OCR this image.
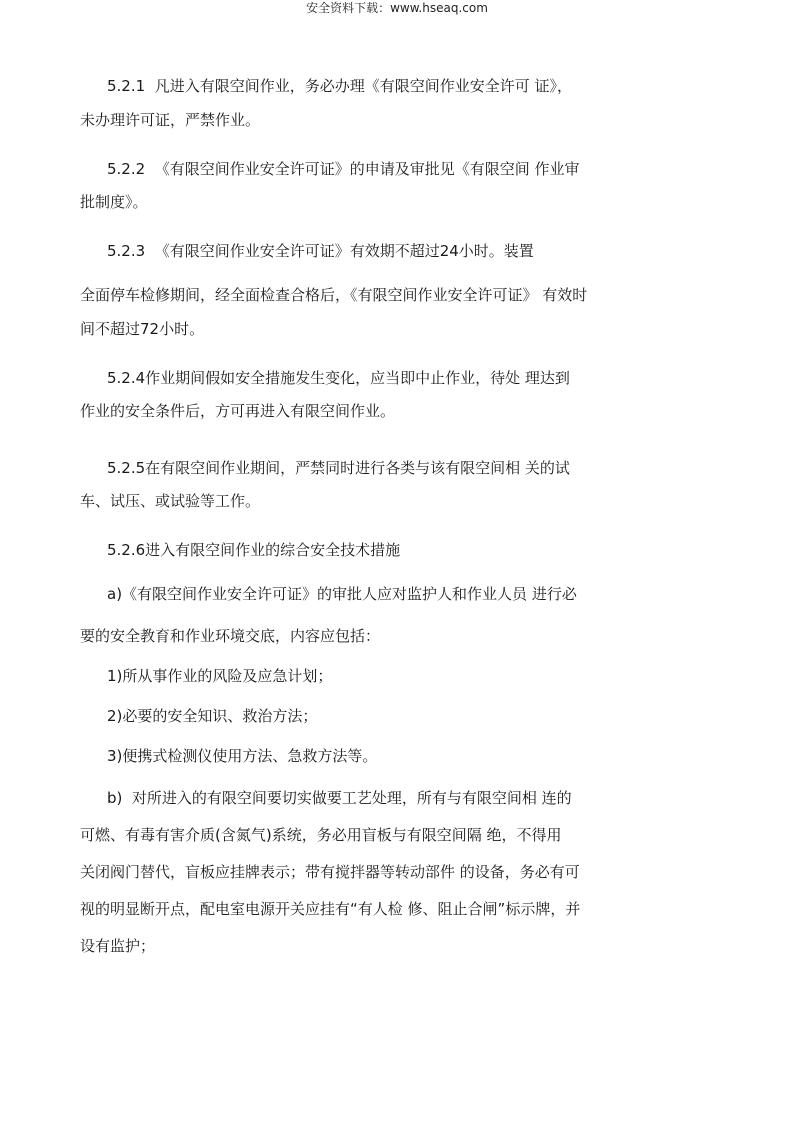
安全资料下载：www.hseaq.com
5.2.1  凡进入有限空间作业，务必办理《有限空间作业安全许可 证》，
未办理许可证，严禁作业。
5.2.2  《有限空间作业安全许可证》的申请及审批见《有限空间 作业审
批制度》。
5.2.3  《有限空间作业安全许可证》有效期不超过24小时。装置
全面停车检修期间，经全面检查合格后，《有限空间作业安全许可证》 有效时
间不超过72小时。
5.2.4作业期间假如安全措施发生变化，应当即中止作业，待处 理达到
作业的安全条件后，方可再进入有限空间作业。
5.2.5在有限空间作业期间，严禁同时进行各类与该有限空间相 关的试
车、试压、或试验等工作。
5.2.6进入有限空间作业的综合安全技术措施
a)《有限空间作业安全许可证》的审批人应对监护人和作业人员 进行必
要的安全教育和作业环境交底，内容应包括：
1)所从事作业的风险及应急计划；
2)必要的安全知识、救治方法；
3)便携式检测仪使用方法、急救方法等。
b)  对所进入的有限空间要切实做要工艺处理，所有与有限空间相 连的
可燃、有毒有害介质(含氮气)系统，务必用盲板与有限空间隔 绝，不得用
关闭阀门替代，盲板应挂牌表示；带有搅拌器等转动部件 的设备，务必有可
视的明显断开点，配电室电源开关应挂有“有人检 修、阻止合闸”标示牌，并
设有监护；
